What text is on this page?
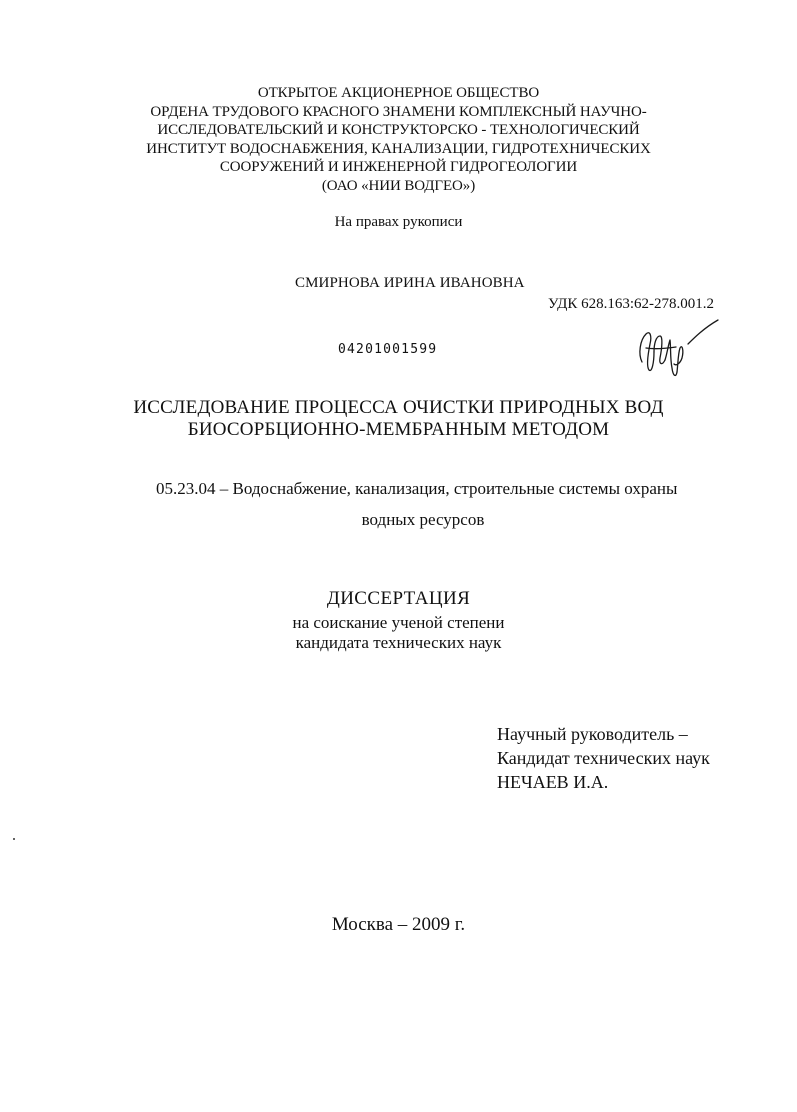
ОТКРЫТОЕ АКЦИОНЕРНОЕ ОБЩЕСТВО
ОРДЕНА ТРУДОВОГО КРАСНОГО ЗНАМЕНИ КОМПЛЕКСНЫЙ НАУЧНО-
ИССЛЕДОВАТЕЛЬСКИЙ И КОНСТРУКТОРСКО - ТЕХНОЛОГИЧЕСКИЙ
ИНСТИТУТ ВОДОСНАБЖЕНИЯ, КАНАЛИЗАЦИИ, ГИДРОТЕХНИЧЕСКИХ
СООРУЖЕНИЙ И ИНЖЕНЕРНОЙ ГИДРОГЕОЛОГИИ
(ОАО «НИИ ВОДГЕО»)
На правах рукописи
СМИРНОВА ИРИНА ИВАНОВНА
УДК 628.163:62-278.001.2
04201001599
ИССЛЕДОВАНИЕ ПРОЦЕССА ОЧИСТКИ ПРИРОДНЫХ ВОД
БИОСОРБЦИОННО-МЕМБРАННЫМ МЕТОДОМ
05.23.04 – Водоснабжение, канализация, строительные системы охраны
водных ресурсов
ДИССЕРТАЦИЯ
на соискание ученой степени
кандидата технических наук
Научный руководитель –
Кандидат технических наук
НЕЧАЕВ И.А.
Москва – 2009 г.
